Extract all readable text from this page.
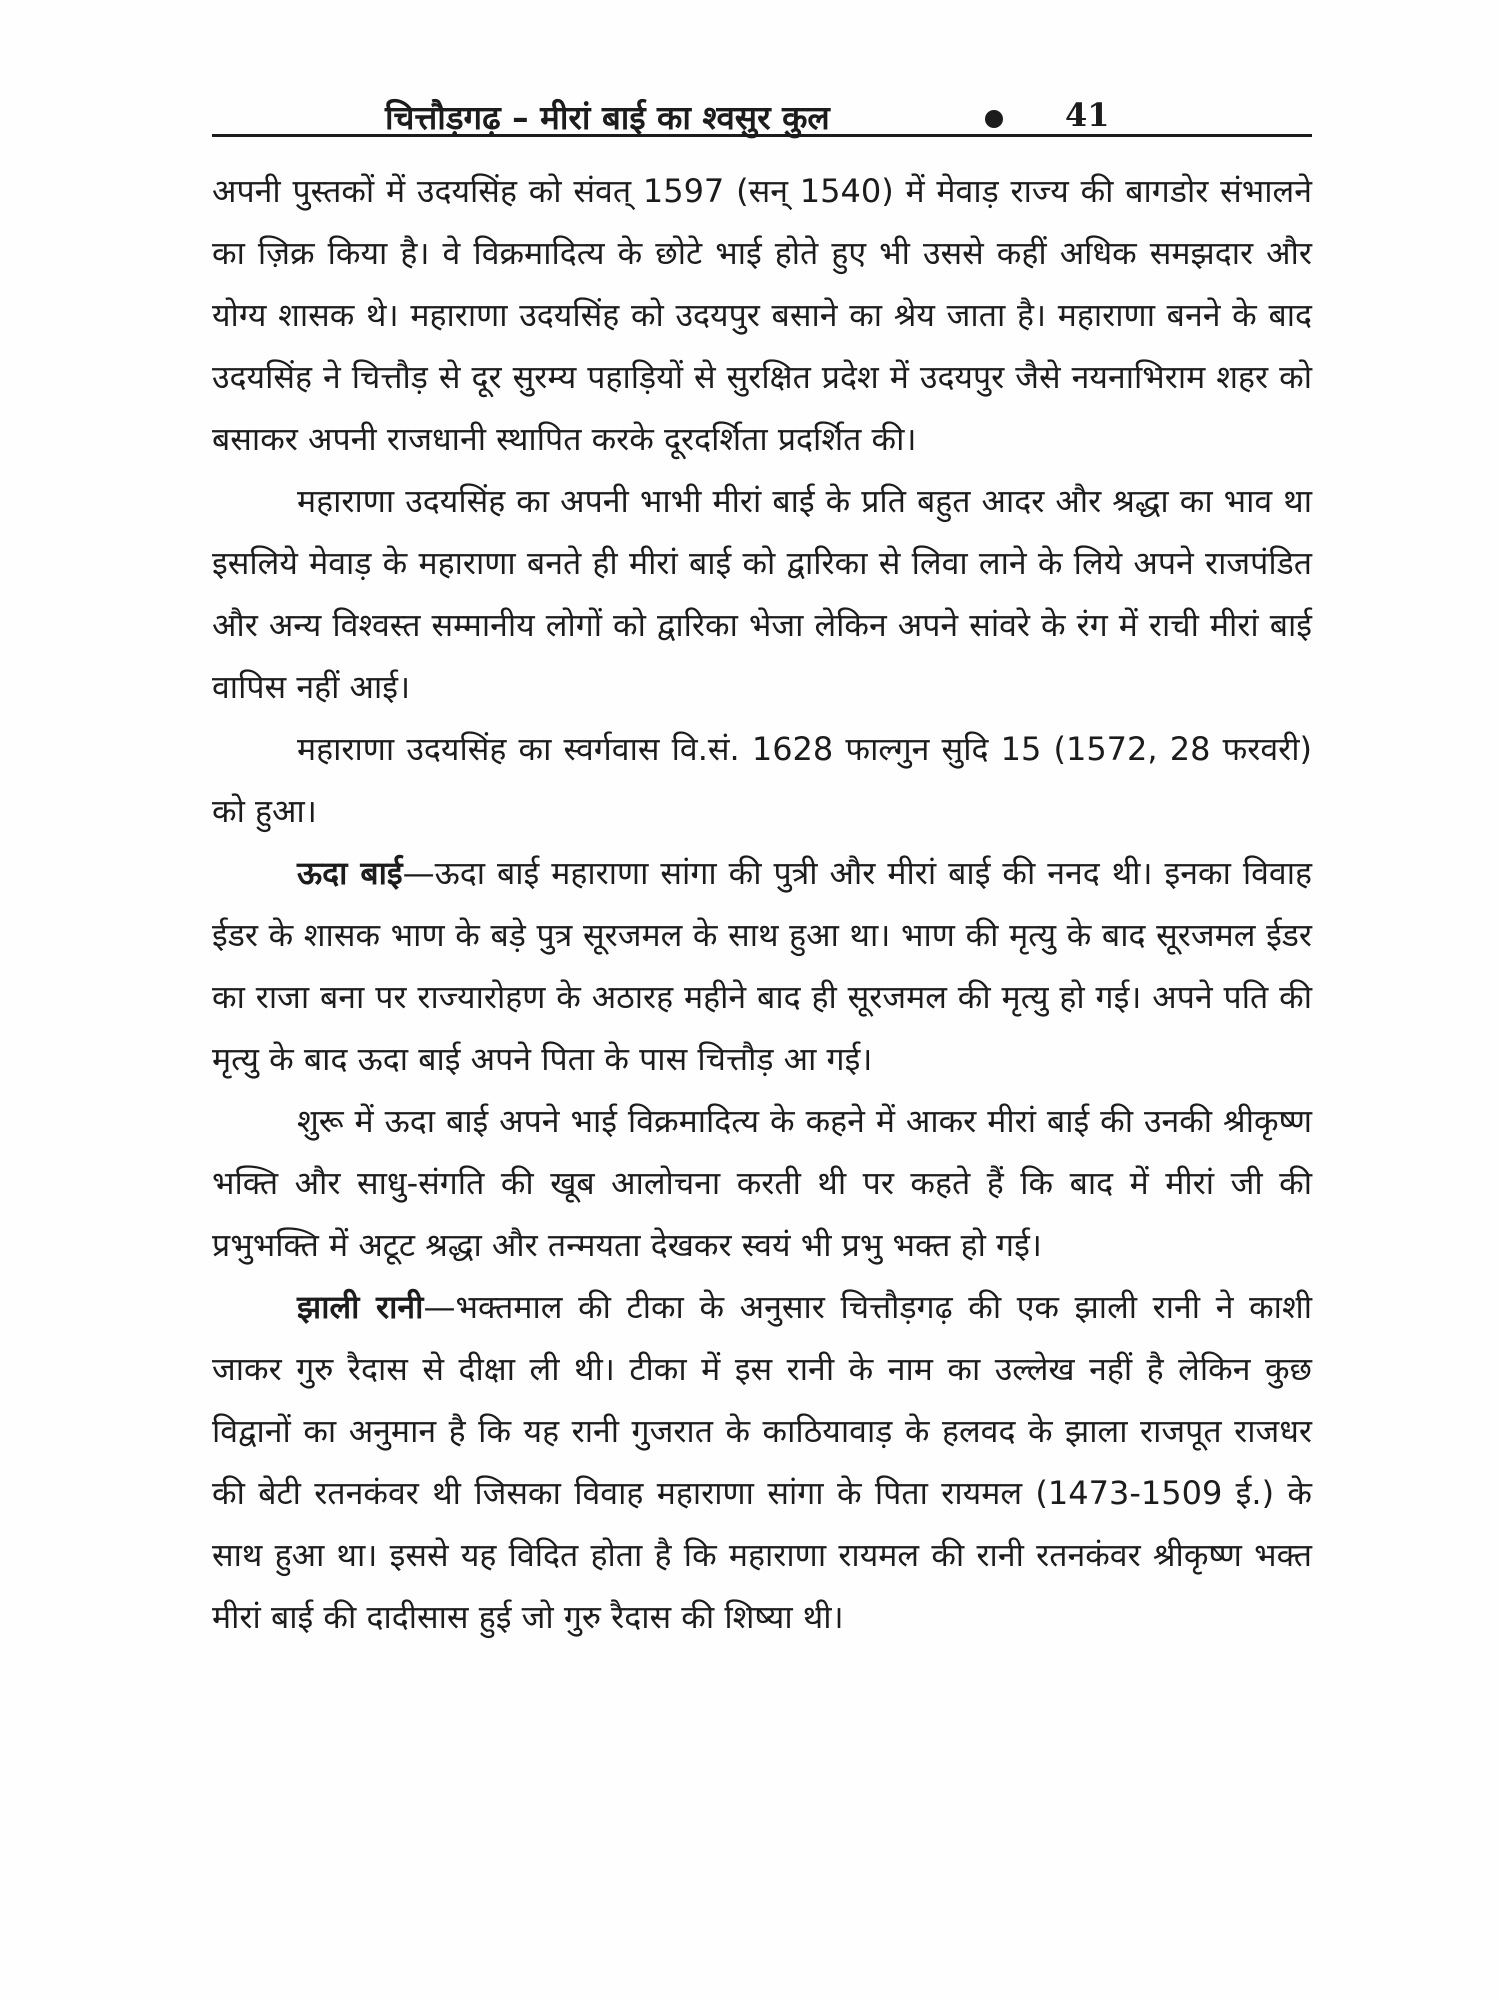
चित्तौड़गढ़ – मीरां बाई का श्वसुर कुल	41

अपनी पुस्तकों में उदयसिंह को संवत् 1597 (सन् 1540) में मेवाड़ राज्य की बागडोर संभालने का ज़िक्र किया है। वे विक्रमादित्य के छोटे भाई होते हुए भी उससे कहीं अधिक समझदार और योग्य शासक थे। महाराणा उदयसिंह को उदयपुर बसाने का श्रेय जाता है। महाराणा बनने के बाद उदयसिंह ने चित्तौड़ से दूर सुरम्य पहाड़ियों से सुरक्षित प्रदेश में उदयपुर जैसे नयनाभिराम शहर को बसाकर अपनी राजधानी स्थापित करके दूरदर्शिता प्रदर्शित की।

महाराणा उदयसिंह का अपनी भाभी मीरां बाई के प्रति बहुत आदर और श्रद्धा का भाव था इसलिये मेवाड़ के महाराणा बनते ही मीरां बाई को द्वारिका से लिवा लाने के लिये अपने राजपंडित और अन्य विश्वस्त सम्मानीय लोगों को द्वारिका भेजा लेकिन अपने सांवरे के रंग में राची मीरां बाई वापिस नहीं आई।

महाराणा उदयसिंह का स्वर्गवास वि.सं. 1628 फाल्गुन सुदि 15 (1572, 28 फरवरी) को हुआ।

ऊदा बाई—ऊदा बाई महाराणा सांगा की पुत्री और मीरां बाई की ननद थी। इनका विवाह ईडर के शासक भाण के बड़े पुत्र सूरजमल के साथ हुआ था। भाण की मृत्यु के बाद सूरजमल ईडर का राजा बना पर राज्यारोहण के अठारह महीने बाद ही सूरजमल की मृत्यु हो गई। अपने पति की मृत्यु के बाद ऊदा बाई अपने पिता के पास चित्तौड़ आ गई।

शुरू में ऊदा बाई अपने भाई विक्रमादित्य के कहने में आकर मीरां बाई की उनकी श्रीकृष्ण भक्ति और साधु-संगति की खूब आलोचना करती थी पर कहते हैं कि बाद में मीरां जी की प्रभुभक्ति में अटूट श्रद्धा और तन्मयता देखकर स्वयं भी प्रभु भक्त हो गई।

झाली रानी—भक्तमाल की टीका के अनुसार चित्तौड़गढ़ की एक झाली रानी ने काशी जाकर गुरु रैदास से दीक्षा ली थी। टीका में इस रानी के नाम का उल्लेख नहीं है लेकिन कुछ विद्वानों का अनुमान है कि यह रानी गुजरात के काठियावाड़ के हलवद के झाला राजपूत राजधर की बेटी रतनकंवर थी जिसका विवाह महाराणा सांगा के पिता रायमल (1473-1509 ई.) के साथ हुआ था। इससे यह विदित होता है कि महाराणा रायमल की रानी रतनकंवर श्रीकृष्ण भक्त मीरां बाई की दादीसास हुई जो गुरु रैदास की शिष्या थी।
